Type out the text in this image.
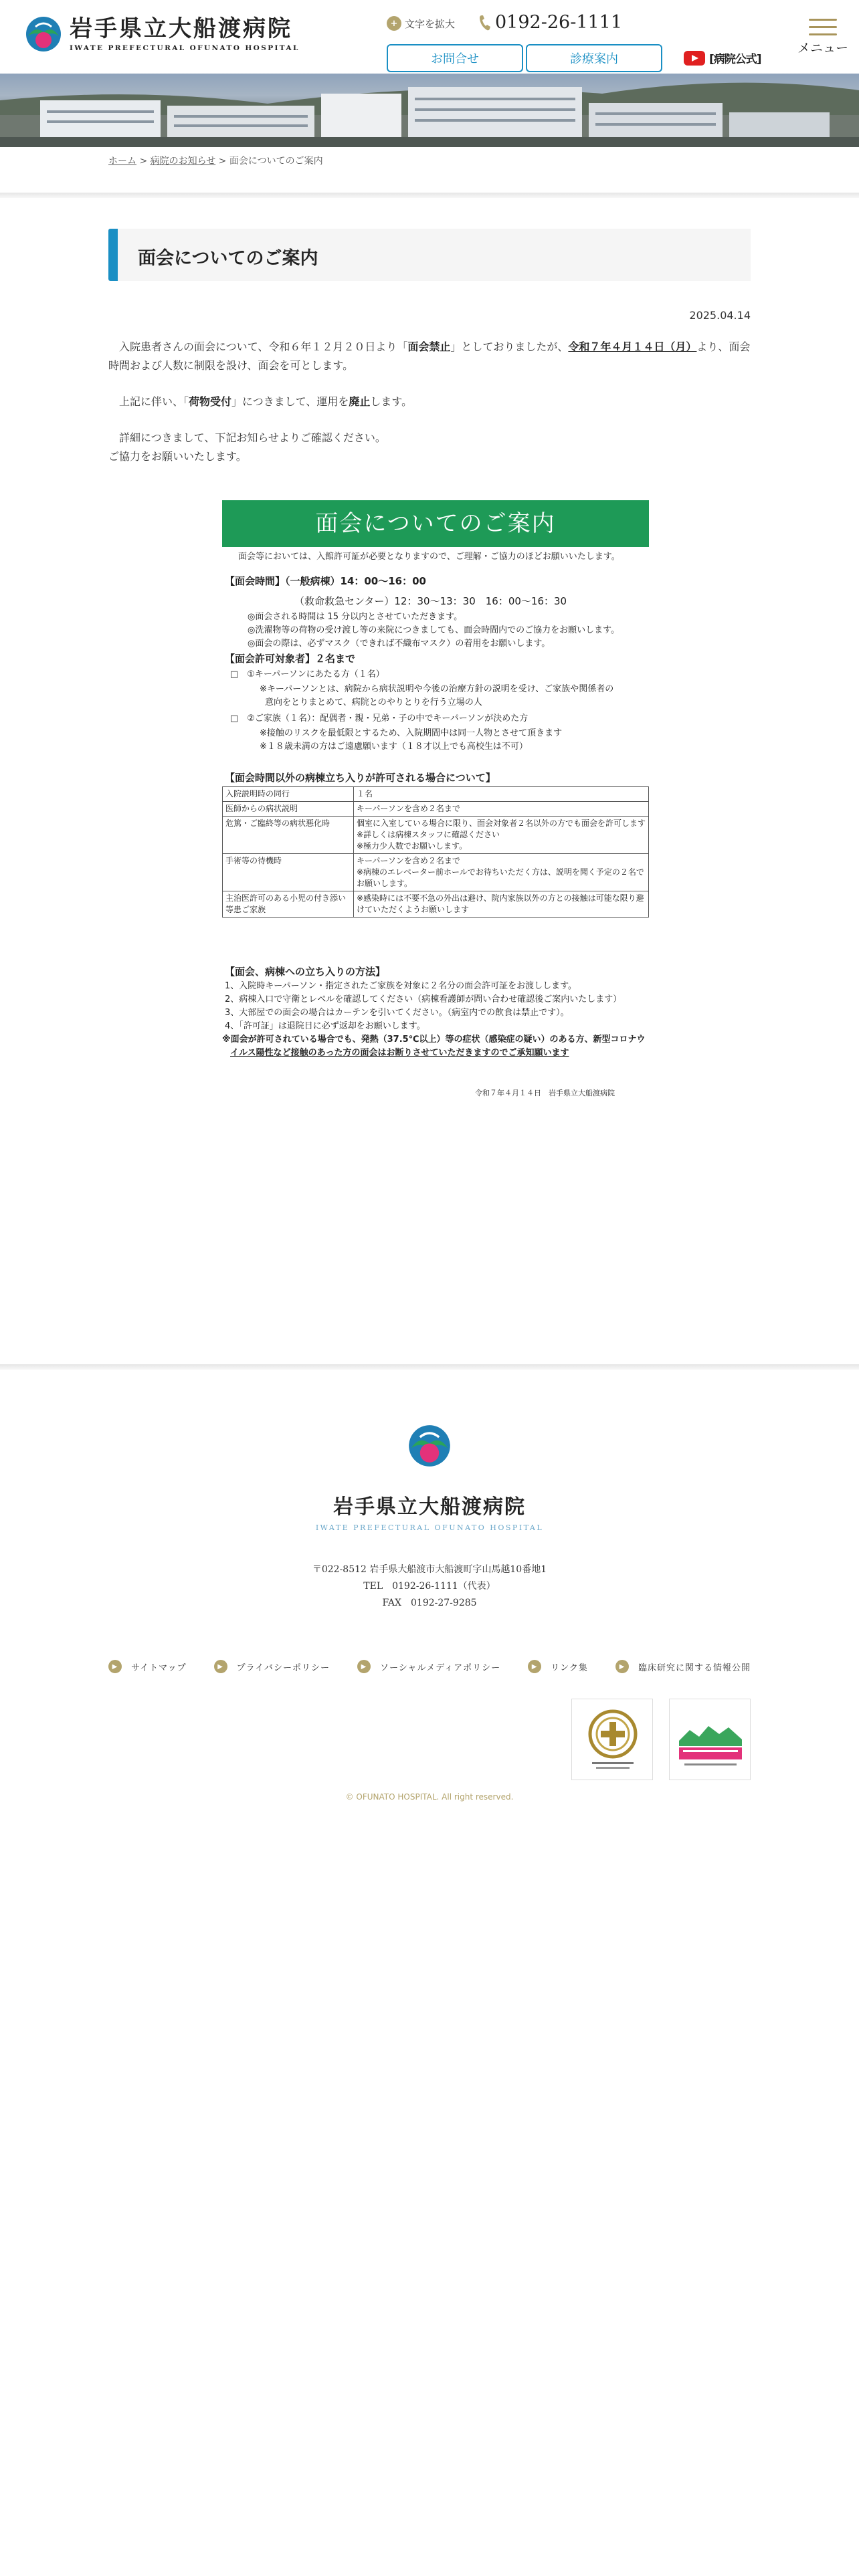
岩手県立大船渡病院
IWATE PREFECTURAL OFUNATO HOSPITAL
+ 文字を拡大 0192-26-1111
お問合せ	診療案内	[病院公式]
メニュー
ホーム > 病院のお知らせ > 面会についてのご案内
面会についてのご案内
2025.04.14

入院患者さんの面会について、令和６年１２月２０日より「面会禁止」としておりましたが、令和７年４月１４日（月）より、面会時間および人数に制限を設け、面会を可とします。

上記に伴い、「荷物受付」につきまして、運用を廃止します。

詳細につきまして、下記お知らせよりご確認ください。
ご協力をお願いいたします。

面会についてのご案内
面会等においては、入館許可証が必要となりますので、ご理解・ご協力のほどお願いいたします。
【面会時間】（一般病棟）14：00〜16：00
（救命救急センター）12：30〜13：30　16：00〜16：30
◎面会される時間は 15 分以内とさせていただきます。
◎洗濯物等の荷物の受け渡し等の来院につきましても、面会時間内でのご協力をお願いします。
◎面会の際は、必ずマスク（できれば不織布マスク）の着用をお願いします。
【面会許可対象者】２名まで
□　①キーパーソンにあたる方（１名）
※キーパーソンとは、病院から病状説明や今後の治療方針の説明を受け、ご家族や関係者の
意向をとりまとめて、病院とのやりとりを行う立場の人
□　②ご家族（１名）：配偶者・親・兄弟・子の中でキーパーソンが決めた方
※接触のリスクを最低限とするため、入院期間中は同一人物とさせて頂きます
※１８歳未満の方はご遠慮願います（１８才以上でも高校生は不可）
【面会時間以外の病棟立ち入りが許可される場合について】
入院説明時の同行	１名
医師からの病状説明	キーパーソンを含め２名まで
危篤・ご臨終等の病状悪化時	個室に入室している場合に限り、面会対象者２名以外の方でも面会を許可します
※詳しくは病棟スタッフに確認ください
※極力少人数でお願いします。
手術等の待機時	キーパーソンを含め２名まで
※病棟のエレベーター前ホールでお待ちいただく方は、説明を聞く予定の２名でお願いします。
主治医許可のある小児の付き添い等患ご家族	※感染時には不要不急の外出は避け、院内家族以外の方との接触は可能な限り避けていただくようお願いします
【面会、病棟への立ち入りの方法】
1、入院時キーパーソン・指定されたご家族を対象に２名分の面会許可証をお渡しします。
2、病棟入口で守衛とレベルを確認してください（病棟看護師が問い合わせ確認後ご案内いたします）
3、大部屋での面会の場合はカーテンを引いてください。（病室内での飲食は禁止です）。
4、「許可証」は退院日に必ず返却をお願いします。
※面会が許可されている場合でも、発熱（37.5℃以上）等の症状（感染症の疑い）のある方、新型コロナウ
イルス陽性など接触のあった方の面会はお断りさせていただきますのでご承知願います
令和７年４月１４日　岩手県立大船渡病院
岩手県立大船渡病院
IWATE PREFECTURAL OFUNATO HOSPITAL
〒022-8512 岩手県大船渡市大船渡町字山馬越10番地1
TEL　0192-26-1111（代表）
FAX　0192-27-9285
▶	サイトマップ	▶	プライバシーポリシー	▶	ソーシャルメディアポリシー	▶	リンク集	▶	臨床研究に関する情報公開
© OFUNATO HOSPITAL. All right reserved.
